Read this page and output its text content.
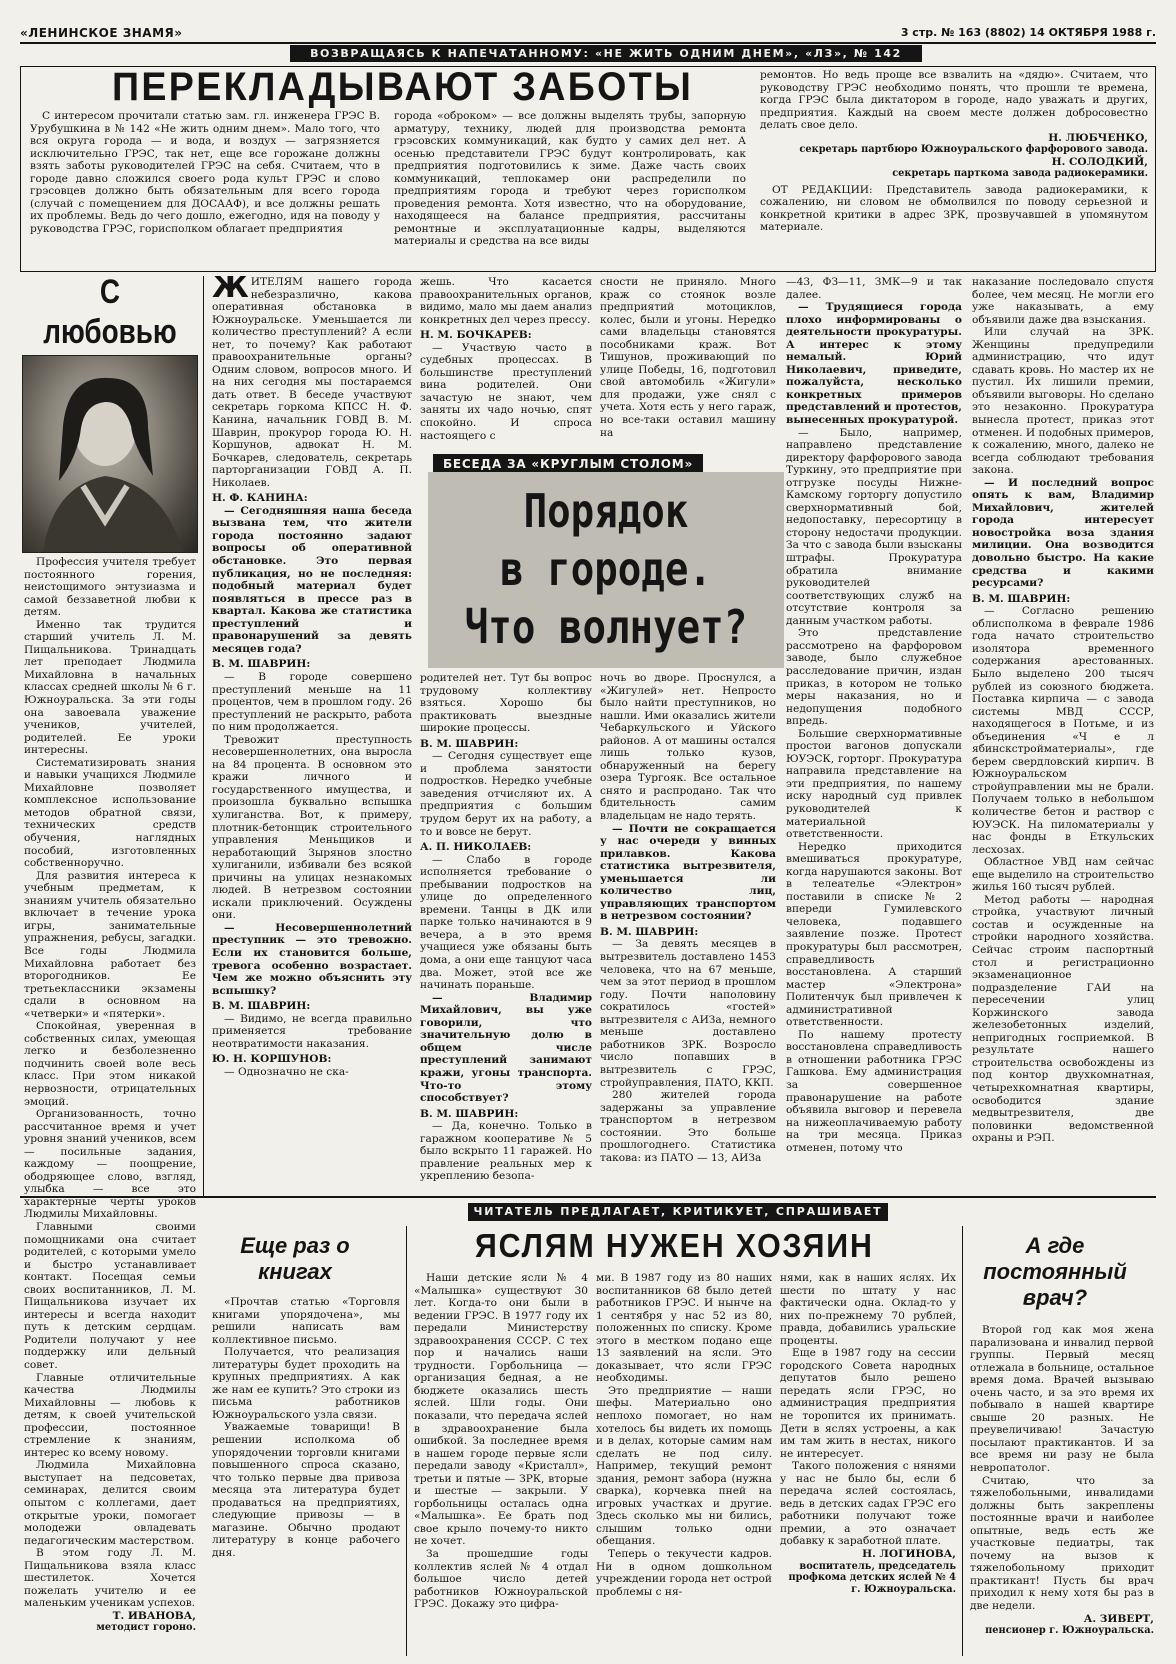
«ЛЕНИНСКОЕ ЗНАМЯ»	3 стр. № 163 (8802) 14 ОКТЯБРЯ 1988 г.
ВОЗВРАЩАЯСЬ К НАПЕЧАТАННОМУ: «НЕ ЖИТЬ ОДНИМ ДНЕМ», «ЛЗ», № 142
ПЕРЕКЛАДЫВАЮТ ЗАБОТЫ

С интересом прочитали статью зам. гл. инженера ГРЭС В. Урубушкина в № 142 «Не жить одним днем». Мало того, что вся округа города — и вода, и воздух — загрязняется исключительно ГРЭС, так нет, еще все горожане должны взять заботы руководителей ГРЭС на себя. Считаем, что в городе давно сложился своего рода культ ГРЭС и слово грэсовцев должно быть обязательным для всего города (случай с помещением для ДОСААФ), и все должны решать их проблемы. Ведь до чего дошло, ежегодно, идя на поводу у руководства ГРЭС, горисполком облагает предприятия

города «оброком» — все должны выделять трубы, запорную арматуру, технику, людей для производства ремонта грэсовских коммуникаций, как будто у самих дел нет. А осенью представители ГРЭС будут контролировать, как предприятия подготовились к зиме. Даже часть своих коммуникаций, теплокамер они распределили по предприятиям города и требуют через горисполком проведения ремонта. Хотя известно, что на оборудование, находящееся на балансе предприятия, рассчитаны ремонтные и эксплуатационные кадры, выделяются материалы и средства на все виды

ремонтов. Но ведь проще все взвалить на «дядю». Считаем, что руководству ГРЭС необходимо понять, что прошли те времена, когда ГРЭС была диктатором в городе, надо уважать и других, предприятия. Каждый на своем месте должен добросовестно делать свое дело.

Н. ЛЮБЧЕНКО,

секретарь партбюро Южноуральского фарфорового завода.

Н. СОЛОДКИЙ,

секретарь парткома завода радиокерамики.

ОТ РЕДАКЦИИ: Представитель завода радиокерамики, к сожалению, ни словом не обмолвился по поводу серьезной и конкретной критики в адрес ЗРК, прозвучавшей в упомянутом материале.

С любовью

Профессия учителя требует постоянного горения, неистощимого энтузиазма и самой беззаветной любви к детям.

Именно так трудится старший учитель Л. М. Пищальникова. Тринадцать лет преподает Людмила Михайловна в начальных классах средней школы № 6 г. Южноуральска. За эти годы она завоевала уважение учеников, учителей, родителей. Ее уроки интересны.

Систематизировать знания и навыки учащихся Людмиле Михайловне позволяет комплексное использование методов обратной связи, технических средств обучения, наглядных пособий, изготовленных собственноручно.

Для развития интереса к учебным предметам, к знаниям учитель обязательно включает в течение урока игры, занимательные упражнения, ребусы, загадки. Все годы Людмила Михайловна работает без второгодников. Ее третьеклассники экзамены сдали в основном на «четверки» и «пятерки».

Спокойная, уверенная в собственных силах, умеющая легко и безболезненно подчинить своей воле весь класс. При этом никакой нервозности, отрицательных эмоций.

Организованность, точно рассчитанное время и учет уровня знаний учеников, всем — посильные задания, каждому — поощрение, ободряющее слово, взгляд, улыбка — все это характерные черты уроков Людмилы Михайловны.

Главными своими помощниками она считает родителей, с которыми умело и быстро устанавливает контакт. Посещая семьи своих воспитанников, Л. М. Пищальникова изучает их интересы и всегда находит путь к детским сердцам. Родители получают у нее поддержку или дельный совет.

Главные отличительные качества Людмилы Михайловны — любовь к детям, к своей учительской профессии, постоянное стремление к знаниям, интерес ко всему новому.

Людмила Михайловна выступает на педсоветах, семинарах, делится своим опытом с коллегами, дает открытые уроки, помогает молодежи овладевать педагогическим мастерством.

В этом году Л. М. Пищальникова взяла класс шестилеток. Хочется пожелать учителю и ее маленьким ученикам успехов.

Т. ИВАНОВА,

методист гороно.

БЕСЕДА ЗА «КРУГЛЫМ СТОЛОМ»
Порядок
в городе.
Что волнует?

ЖИТЕЛЯМ нашего города небезразлично, какова оперативная обстановка в Южноуральске. Уменьшается ли количество преступлений? А если нет, то почему? Как работают правоохранительные органы? Одним словом, вопросов много. И на них сегодня мы постараемся дать ответ. В беседе участвуют секретарь горкома КПСС Н. Ф. Канина, начальник ГОВД В. М. Шаврин, прокурор города Ю. Н. Коршунов, адвокат Н. М. Бочкарев, следователь, секретарь парторганизации ГОВД А. П. Николаев.

Н. Ф. КАНИНА:

— Сегодняшняя наша беседа вызвана тем, что жители города постоянно задают вопросы об оперативной обстановке. Это первая публикация, но не последняя: подобный материал будет появляться в прессе раз в квартал. Какова же статистика преступлений и правонарушений за девять месяцев года?

В. М. ШАВРИН:

— В городе совершено преступлений меньше на 11 процентов, чем в прошлом году. 26 преступлений не раскрыто, работа по ним продолжается.

Тревожит преступность несовершеннолетних, она выросла на 84 процента. В основном это кражи личного и государственного имущества, и произошла буквально вспышка хулиганства. Вот, к примеру, плотник-бетонщик строительного управления Меньщиков и неработающий Зырянов злостно хулиганили, избивали без всякой причины на улицах незнакомых людей. В нетрезвом состоянии искали приключений. Осуждены они.

— Несовершеннолетний преступник — это тревожно. Если их становится больше, тревога особенно возрастает. Чем же можно объяснить эту вспышку?

В. М. ШАВРИН:

— Видимо, не всегда правильно применяется требование неотвратимости наказания.

Ю. Н. КОРШУНОВ:

— Однозначно не ска-

жешь. Что касается правоохранительных органов, видимо, мало мы даем анализ конкретных дел через прессу.

Н. М. БОЧКАРЕВ:

— Участвую часто в судебных процессах. В большинстве преступлений вина родителей. Они зачастую не знают, чем заняты их чадо ночью, спят спокойно. И спроса настоящего с

сности не приняло. Много краж со стоянок возле предприятий мотоциклов, колес, были и угоны. Нередко сами владельцы становятся пособниками краж. Вот Тишунов, проживающий по улице Победы, 16, подготовил свой автомобиль «Жигули» для продажи, уже снял с учета. Хотя есть у него гараж, но все-таки оставил машину на

родителей нет. Тут бы вопрос трудовому коллективу взяться. Хорошо бы практиковать выездные широкие процессы.

В. М. ШАВРИН:

— Сегодня существует еще и проблема занятости подростков. Нередко учебные заведения отчисляют их. А предприятия с большим трудом берут их на работу, а то и вовсе не берут.

А. П. НИКОЛАЕВ:

— Слабо в городе исполняется требование о пребывании подростков на улице до определенного времени. Танцы в ДК или парке только начинаются в 9 вечера, а в это время учащиеся уже обязаны быть дома, а они еще танцуют часа два. Может, этой все же начинать пораньше.

— Владимир Михайлович, вы уже говорили, что значительную долю в общем числе преступлений занимают кражи, угоны транспорта. Что-то этому способствует?

В. М. ШАВРИН:

— Да, конечно. Только в гаражном кооперативе № 5 было вскрыто 11 гаражей. Но правление реальных мер к укреплению безопа-

ночь во дворе. Проснулся, а «Жигулей» нет. Непросто было найти преступников, но нашли. Ими оказались жители Чебаркульского и Уйского районов. А от машины остался лишь только кузов, обнаруженный на берегу озера Тургояк. Все остальное снято и распродано. Так что бдительность самим владельцам не надо терять.

— Почти не сокращается у нас очереди у винных прилавков. Какова статистика вытрезвителя, уменьшается ли количество лиц, управляющих транспортом в нетрезвом состоянии?

В. М. ШАВРИН:

— За девять месяцев в вытрезвитель доставлено 1453 человека, что на 67 меньше, чем за этот период в прошлом году. Почти наполовину сократилось «гостей» вытрезвителя с АИЗа, немного меньше доставлено работников ЗРК. Возросло число попавших в вытрезвитель с ГРЭС, стройуправления, ПАТО, ККП.

280 жителей города задержаны за управление транспортом в нетрезвом состоянии. Это больше прошлогоднего. Статистика такова: из ПАТО — 13, АИЗа

—43, ФЗ—11, ЗМК—9 и так далее.

— Трудящиеся города плохо информированы о деятельности прокуратуры. А интерес к этому немалый. Юрий Николаевич, приведите, пожалуйста, несколько конкретных примеров представлений и протестов, вынесенных прокуратурой.

— Было, например, направлено представление директору фарфорового завода Туркину, это предприятие при отгрузке посуды Нижне-Камскому горторгу допустило сверхнормативный бой, недопоставку, пересортицу в сторону недостачи продукции. За что с завода были взысканы штрафы. Прокуратура обратила внимание руководителей соответствующих служб на отсутствие контроля за данным участком работы.

Это представление рассмотрено на фарфоровом заводе, было служебное расследование причин, издан приказ, в котором не только меры наказания, но и недопущения подобного впредь.

Большие сверхнормативные простои вагонов допускали ЮУЭСК, горторг. Прокуратура направила представление на эти предприятия, по нашему иску народный суд привлек руководителей к материальной ответственности.

Нередко приходится вмешиваться прокуратуре, когда нарушаются законы. Вот в телеателье «Электрон» поставили в списке № 2 впереди Гумилевского человека, подавшего заявление позже. Протест прокуратуры был рассмотрен, справедливость восстановлена. А старший мастер «Электрона» Политенчук был привлечен к административной ответственности.

По нашему протесту восстановлена справедливость в отношении работника ГРЭС Гашкова. Ему администрация за совершенное правонарушение на работе объявила выговор и перевела на нижеоплачиваемую работу на три месяца. Приказ отменен, потому что

наказание последовало спустя более, чем месяц. Не могли его уже наказывать, а ему объявили даже два взыскания.

Или случай на ЗРК. Женщины предупредили администрацию, что идут сдавать кровь. Но мастер их не пустил. Их лишили премии, объявили выговоры. Но сделано это незаконно. Прокуратура вынесла протест, приказ этот отменен. И подобных примеров, к сожалению, много, далеко не всегда соблюдают требования закона.

— И последний вопрос опять к вам, Владимир Михайлович, жителей города интересует новостройка воза здания милиции. Она возводится довольно быстро. На какие средства и какими ресурсами?

В. М. ШАВРИН:

— Согласно решению облисполкома в феврале 1986 года начато строительство изолятора временного содержания арестованных. Было выделено 200 тысяч рублей из союзного бюджета. Поставка кирпича — с завода системы МВД СССР, находящегося в Потьме, и из объединения «Ч е л ябинскстройматериалы», где берем свердловский кирпич. В Южноуральском стройуправлении мы не брали. Получаем только в небольшом количестве бетон и раствор с ЮУЭСК. На пиломатериалы у нас фонды в Еткульских лесхозах.

Областное УВД нам сейчас еще выделило на строительство жилья 160 тысяч рублей.

Метод работы — народная стройка, участвуют личный состав и осужденные на стройки народного хозяйства. Сейчас строим паспортный стол и регистрационно экзаменационное подразделение ГАИ на пересечении улиц Коржинского завода железобетонных изделий, непригодных госприемкой. В результате нашего строительства освобождены из под контор двухкомнатная, четырехкомнатная квартиры, освободится здание медвытрезвителя, две половинки ведомственной охраны и РЭП.

ЧИТАТЕЛЬ ПРЕДЛАГАЕТ, КРИТИКУЕТ, СПРАШИВАЕТ
Еще раз о книгах

«Прочтав статью «Торговля книгами упорядочена», мы решили написать вам коллективное письмо.

Получается, что реализация литературы будет проходить на крупных предприятиях. А как же нам ее купить? Это строки из письма работников Южноуральского узла связи.

Уважаемые товарищи! В решении исполкома об упорядочении торговли книгами повышенного спроса сказано, что только первые два привоза месяца эта литература будет продаваться на предприятиях, следующие привозы — в магазине. Обычно продают литературу в конце рабочего дня.

ЯСЛЯМ НУЖЕН ХОЗЯИН

Наши детские ясли № 4 «Малышка» существуют 30 лет. Когда-то они были в ведении ГРЭС. В 1977 году их передали Министерству здравоохранения СССР. С тех пор и начались наши трудности. Горбольница — организация бедная, а не бюджете оказались шесть яслей. Шли годы. Они показали, что передача яслей в здравоохранение была ошибкой. За последнее время в нашем городе первые ясли передали заводу «Кристалл», третьи и пятые — ЗРК, вторые и шестые — закрыли. У горбольницы осталась одна «Малышка». Ее брать под свое крыло почему-то никто не хочет.

За прошедшие годы коллектив яслей № 4 отдал большое число детей работников Южноуральской ГРЭС. Докажу это цифра-

ми. В 1987 году из 80 наших воспитанников 68 было детей работников ГРЭС. И нынче на 1 сентября у нас 52 из 80, положенных по списку. Кроме этого в местком подано еще 13 заявлений на ясли. Это доказывает, что ясли ГРЭС необходимы.

Это предприятие — наши шефы. Материально оно неплохо помогает, но нам хотелось бы видеть их помощь и в делах, которые самим нам сделать не под силу. Например, текущий ремонт здания, ремонт забора (нужна сварка), корчевка пней на игровых участках и другие. Здесь сколько мы ни бились, слышим только одни обещания.

Теперь о текучести кадров. Ни в одном дошкольном учреждении города нет острой проблемы с ня-

нями, как в наших яслях. Их шести по штату у нас фактически одна. Оклад-то у них по-прежнему 70 рублей, правда, добавились уральские проценты.

Еще в 1987 году на сессии городского Совета народных депутатов было решено передать ясли ГРЭС, но администрация предприятия не торопится их принимать. Дети в яслях устроены, а как им там жить в нестах, никого не интересует.

Такого положения с нянями у нас не было бы, если б передача яслей состоялась, ведь в детских садах ГРЭС его работники получают тоже премии, а это означает добавку к заработной плате.

Н. ЛОГИНОВА,

воспитатель, председатель профкома детских яслей № 4 г. Южноуральска.

А где постоянный врач?

Второй год как моя жена парализована и инвалид первой группы. Первый месяц отлежала в больнице, остальное время дома. Врачей вызываю очень часто, и за это время их побывало в нашей квартире свыше 20 разных. Не преувеличиваю! Зачастую посылают практикантов. И за все время ни разу не была невропатолог.

Считаю, что за тяжелобольными, инвалидами должны быть закреплены постоянные врачи и наиболее опытные, ведь есть же участковые педиатры, так почему на вызов к тяжелобольному приходит практикант! Пусть бы врач приходил к нему хотя бы раз в две недели.

А. ЗИВЕРТ,

пенсионер г. Южноуральска.
